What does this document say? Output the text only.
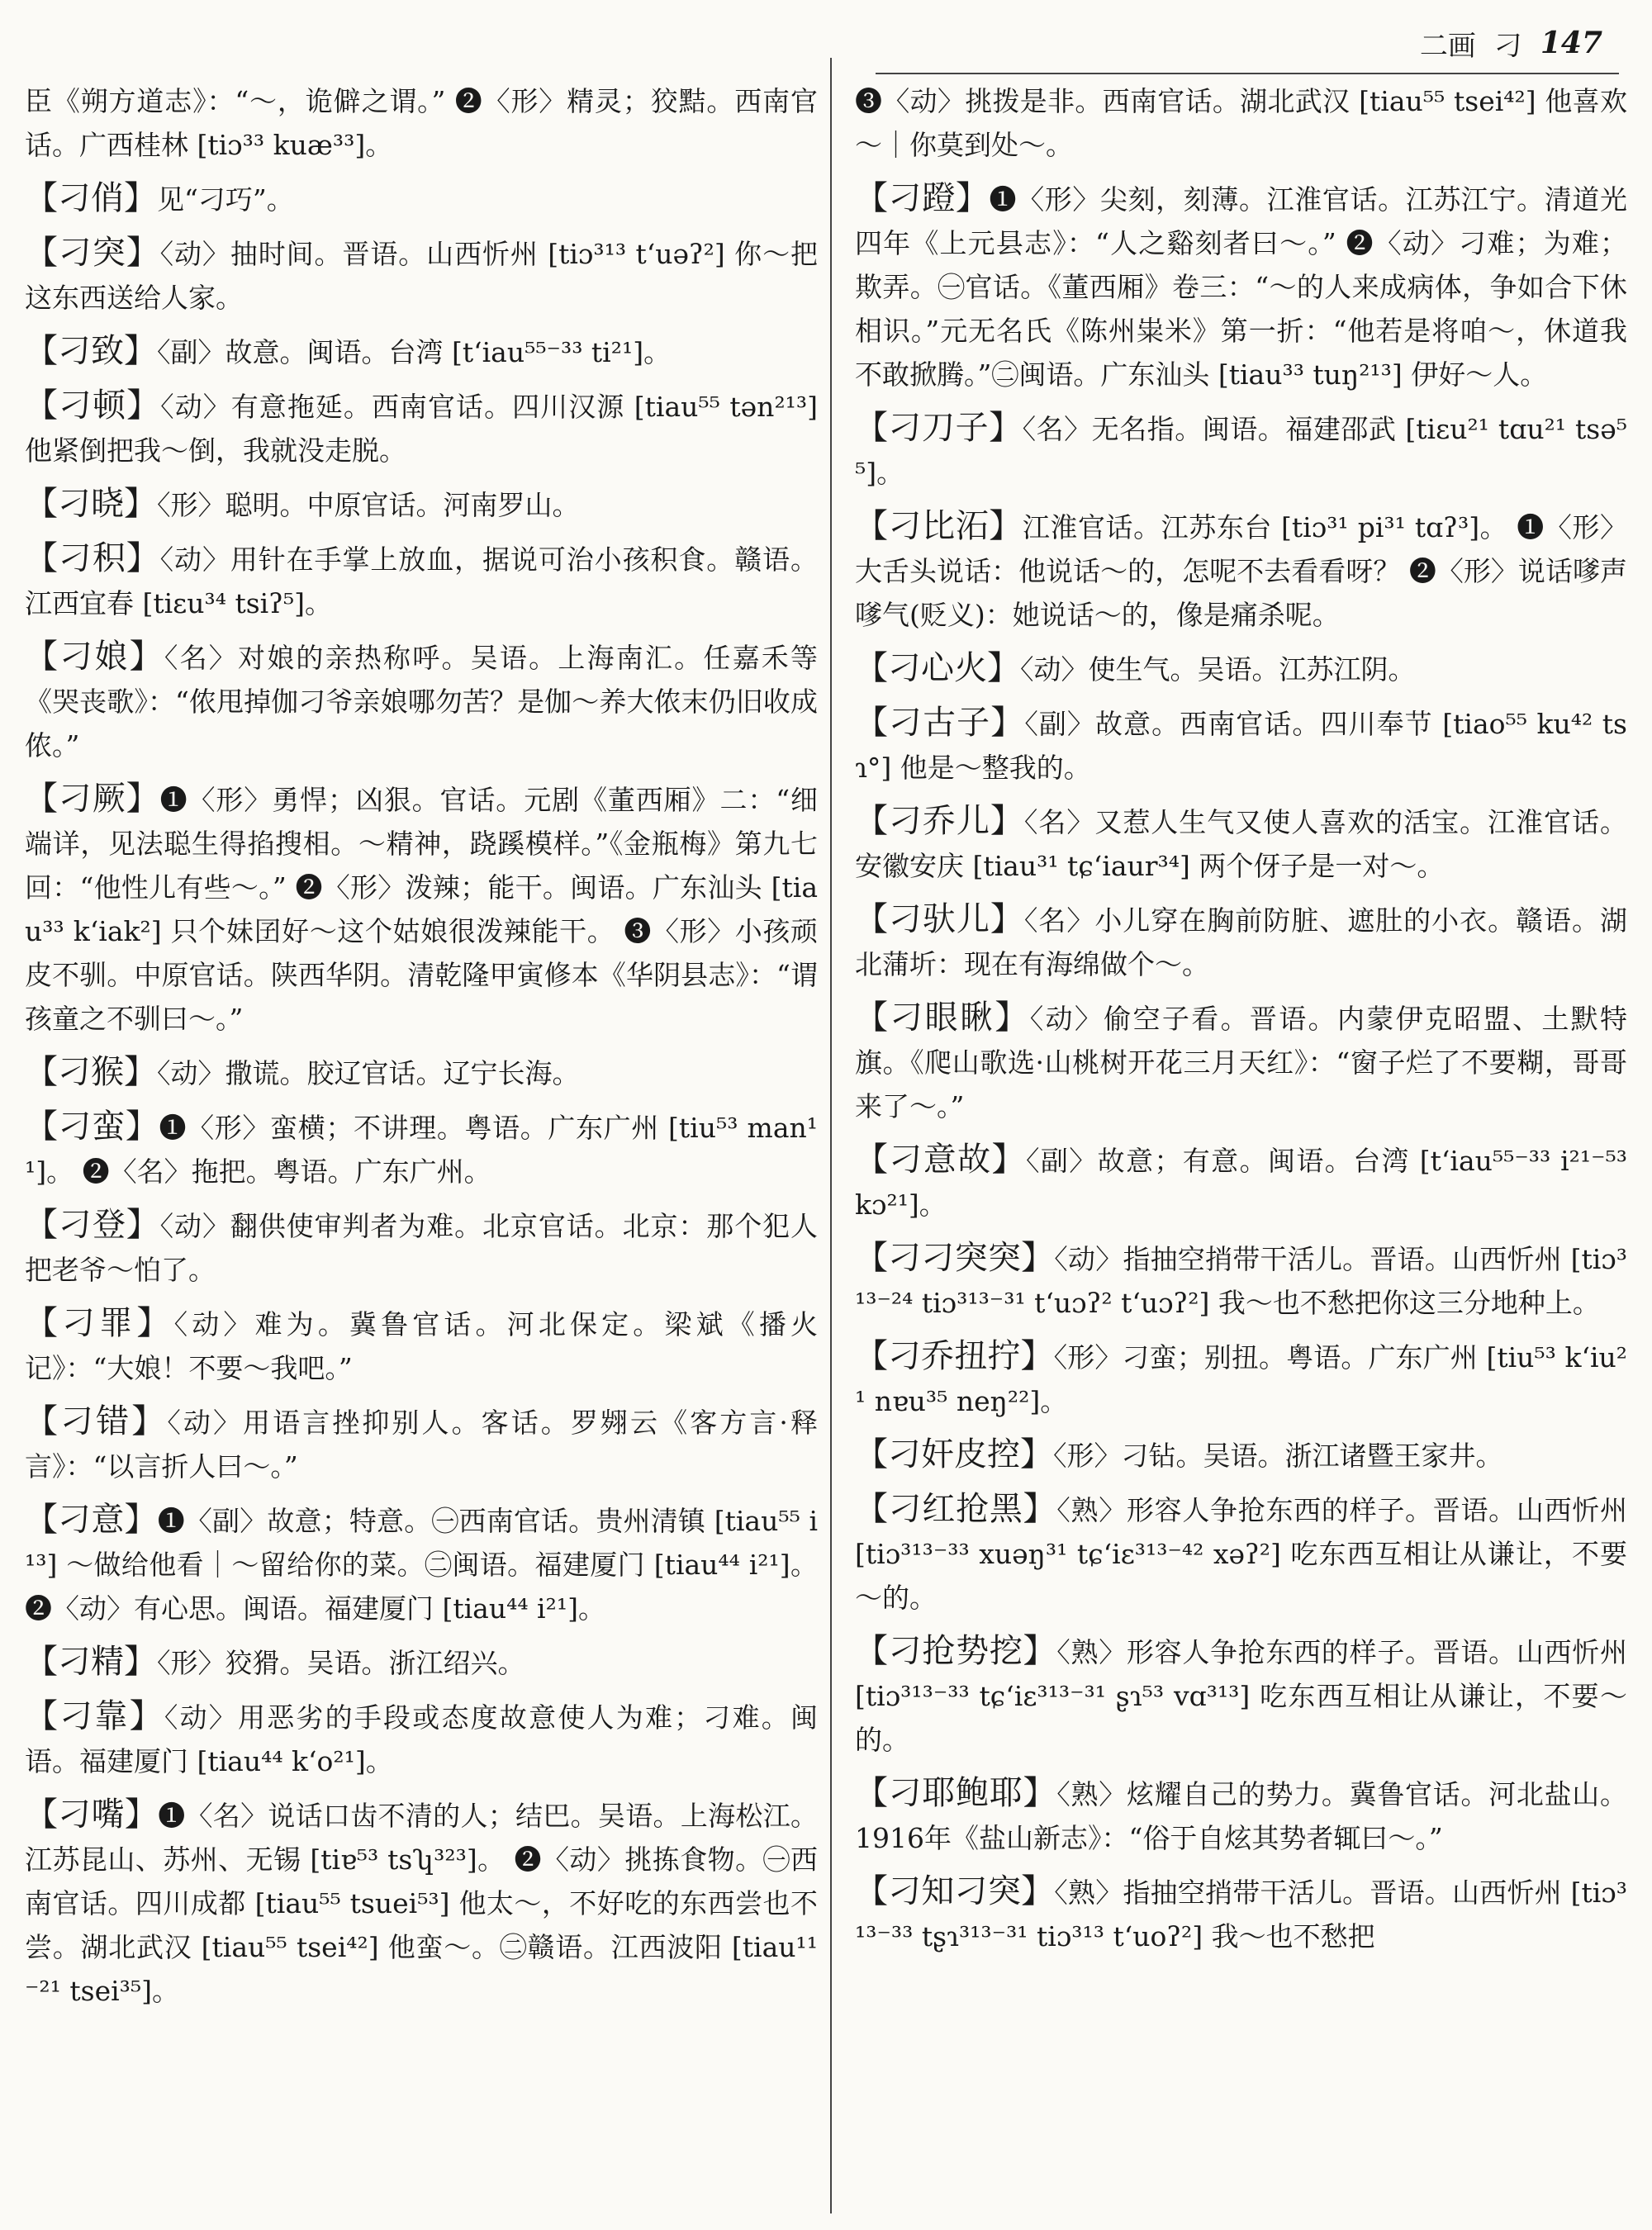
二画 刁 147

臣《朔方道志》：“～，诡僻之谓。” ❷〈形〉精灵；狡黠。西南官话。广西桂林 [tiɔ³³ kuæ³³]。

【刁俏】见“刁巧”。

【刁突】〈动〉抽时间。晋语。山西忻州 [tiɔ³¹³ t‘uəʔ²] 你～把这东西送给人家。

【刁致】〈副〉故意。闽语。台湾 [t‘iau⁵⁵⁻³³ ti²¹]。

【刁顿】〈动〉有意拖延。西南官话。四川汉源 [tiau⁵⁵ tən²¹³] 他紧倒把我～倒，我就没走脱。

【刁晓】〈形〉聪明。中原官话。河南罗山。

【刁积】〈动〉用针在手掌上放血，据说可治小孩积食。赣语。江西宜春 [tiɛu³⁴ tsiʔ⁵]。

【刁娘】〈名〉对娘的亲热称呼。吴语。上海南汇。任嘉禾等《哭丧歌》：“侬甩掉伽刁爷亲娘哪勿苦？是伽～养大侬末仍旧收成侬。”

【刁厥】❶〈形〉勇悍；凶狠。官话。元剧《董西厢》二：“细端详，见法聪生得掐搜相。～精神，跷蹊模样。”《金瓶梅》第九七回：“他性儿有些～。” ❷〈形〉泼辣；能干。闽语。广东汕头 [tiau³³ k‘iak²] 只个妹囝好～这个姑娘很泼辣能干。 ❸〈形〉小孩顽皮不驯。中原官话。陕西华阴。清乾隆甲寅修本《华阴县志》：“谓孩童之不驯曰～。”

【刁猴】〈动〉撒谎。胶辽官话。辽宁长海。

【刁蛮】❶〈形〉蛮横；不讲理。粤语。广东广州 [tiu⁵³ man¹¹]。 ❷〈名〉拖把。粤语。广东广州。

【刁登】〈动〉翻供使审判者为难。北京官话。北京：那个犯人把老爷～怕了。

【刁罪】〈动〉难为。冀鲁官话。河北保定。梁斌《播火记》：“大娘！不要～我吧。”

【刁错】〈动〉用语言挫抑别人。客话。罗翙云《客方言·释言》：“以言折人曰～。”

【刁意】❶〈副〉故意；特意。㊀西南官话。贵州清镇 [tiau⁵⁵ i¹³] ～做给他看｜～留给你的菜。㊁闽语。福建厦门 [tiau⁴⁴ i²¹]。 ❷〈动〉有心思。闽语。福建厦门 [tiau⁴⁴ i²¹]。

【刁精】〈形〉狡猾。吴语。浙江绍兴。

【刁靠】〈动〉用恶劣的手段或态度故意使人为难；刁难。闽语。福建厦门 [tiau⁴⁴ k‘o²¹]。

【刁嘴】❶〈名〉说话口齿不清的人；结巴。吴语。上海松江。江苏昆山、苏州、无锡 [tiɐ⁵³ tsʮ³²³]。 ❷〈动〉挑拣食物。㊀西南官话。四川成都 [tiau⁵⁵ tsuei⁵³] 他太～，不好吃的东西尝也不尝。湖北武汉 [tiau⁵⁵ tsei⁴²] 他蛮～。㊁赣语。江西波阳 [tiau¹¹⁻²¹ tsei³⁵]。

❸〈动〉挑拨是非。西南官话。湖北武汉 [tiau⁵⁵ tsei⁴²] 他喜欢～｜你莫到处～。

【刁蹬】❶〈形〉尖刻，刻薄。江淮官话。江苏江宁。清道光四年《上元县志》：“人之谿刻者曰～。” ❷〈动〉刁难；为难；欺弄。㊀官话。《董西厢》卷三：“～的人来成病体，争如合下休相识。”元无名氏《陈州粜米》第一折：“他若是将咱～，休道我不敢掀腾。”㊁闽语。广东汕头 [tiau³³ tuŋ²¹³] 伊好～人。

【刁刀子】〈名〉无名指。闽语。福建邵武 [tiɛu²¹ tɑu²¹ tsə⁵⁵]。

【刁比沰】江淮官话。江苏东台 [tiɔ³¹ pi³¹ tɑʔ³]。 ❶〈形〉大舌头说话：他说话～的，怎呢不去看看呀？ ❷〈形〉说话嗲声嗲气(贬义)：她说话～的，像是痛杀呢。

【刁心火】〈动〉使生气。吴语。江苏江阴。

【刁古子】〈副〉故意。西南官话。四川奉节 [tiao⁵⁵ ku⁴² tsɿ°] 他是～整我的。

【刁乔儿】〈名〉又惹人生气又使人喜欢的活宝。江淮官话。安徽安庆 [tiau³¹ tɕ‘iaur³⁴] 两个伢子是一对～。

【刁驮儿】〈名〉小儿穿在胸前防脏、遮肚的小衣。赣语。湖北蒲圻：现在有海绵做个～。

【刁眼瞅】〈动〉偷空子看。晋语。内蒙伊克昭盟、土默特旗。《爬山歌选·山桃树开花三月天红》：“窗子烂了不要糊，哥哥来了～。”

【刁意故】〈副〉故意；有意。闽语。台湾 [t‘iau⁵⁵⁻³³ i²¹⁻⁵³ kɔ²¹]。

【刁刁突突】〈动〉指抽空捎带干活儿。晋语。山西忻州 [tiɔ³¹³⁻²⁴ tiɔ³¹³⁻³¹ t‘uɔʔ² t‘uɔʔ²] 我～也不愁把你这三分地种上。

【刁乔扭拧】〈形〉刁蛮；别扭。粤语。广东广州 [tiu⁵³ k‘iu²¹ nɐu³⁵ neŋ²²]。

【刁奸皮控】〈形〉刁钻。吴语。浙江诸暨王家井。

【刁红抢黑】〈熟〉形容人争抢东西的样子。晋语。山西忻州 [tiɔ³¹³⁻³³ xuəŋ³¹ tɕ‘iɛ³¹³⁻⁴² xəʔ²] 吃东西互相让从谦让，不要～的。

【刁抢势挖】〈熟〉形容人争抢东西的样子。晋语。山西忻州 [tiɔ³¹³⁻³³ tɕ‘iɛ³¹³⁻³¹ ʂɿ⁵³ vɑ³¹³] 吃东西互相让从谦让，不要～的。

【刁耶鲍耶】〈熟〉炫耀自己的势力。冀鲁官话。河北盐山。1916年《盐山新志》：“俗于自炫其势者辄曰～。”

【刁知刁突】〈熟〉指抽空捎带干活儿。晋语。山西忻州 [tiɔ³¹³⁻³³ tʂɿ³¹³⁻³¹ tiɔ³¹³ t‘uoʔ²] 我～也不愁把
